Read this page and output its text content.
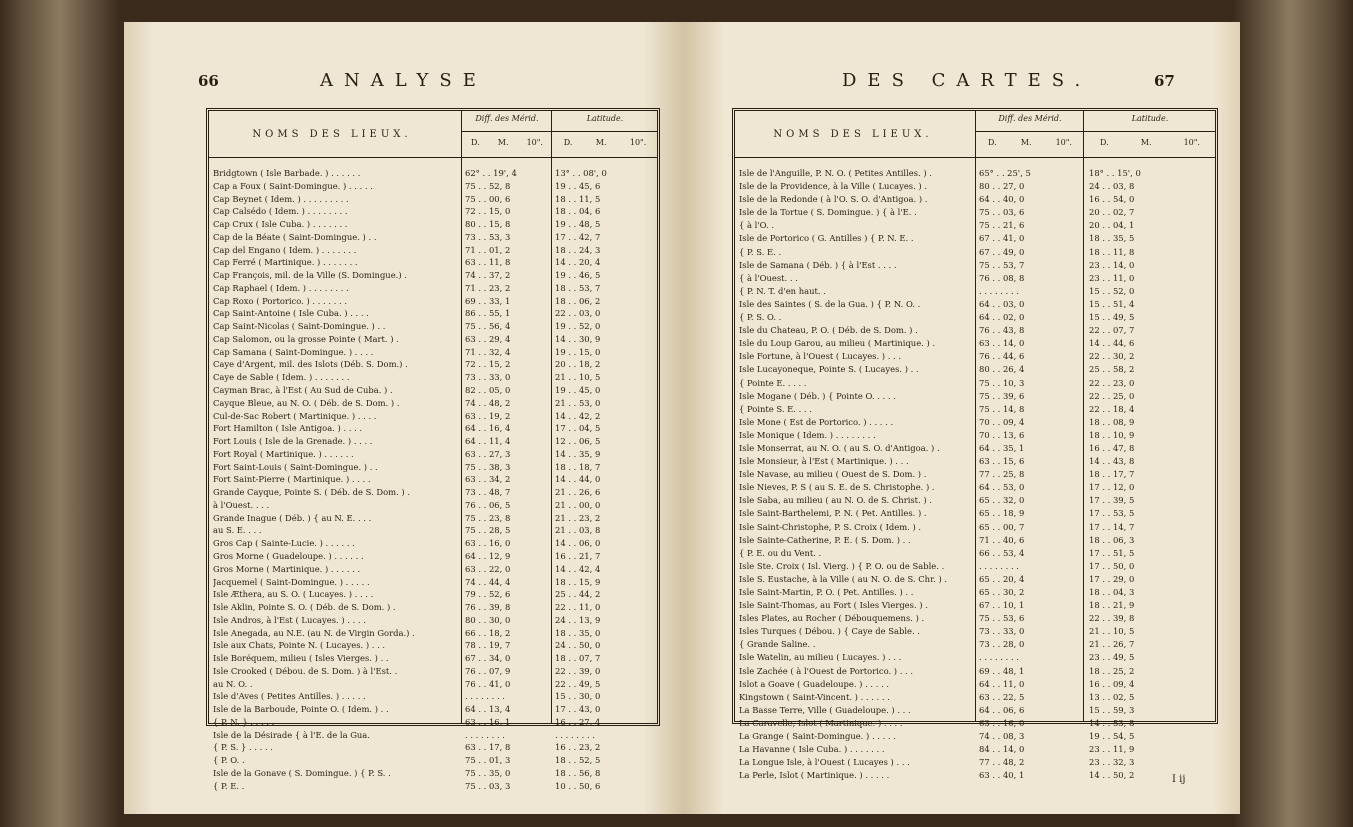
66	ANALYSE
NOMS DES LIEUX.
Diff. des Mérid.
D. M. 10".
Latitude.
D.	M.	10".
Bridgtown ( Isle Barbade. ) . . . . . .	62° . . 19', 4	13° . . 08', 0
Cap a Foux ( Saint-Domingue. ) . . . . .	75 . . 52, 8	19 . . 45, 6
Cap Beynet ( Idem. ) . . . . . . . . .	75 . . 00, 6	18 . . 11, 5
Cap Calsédo ( Idem. ) . . . . . . . .	72 . . 15, 0	18 . . 04, 6
Cap Crux ( Isle Cuba. ) . . . . . . .	80 . . 15, 8	19 . . 48, 5
Cap de la Béate ( Saint-Domingue. ) . .	73 . . 53, 3	17 . . 42, 7
Cap del Engano ( Idem. ) . . . . . . .	71 . . 01, 2	18 . . 24, 3
Cap Ferré ( Martinique. ) . . . . . . .	63 . . 11, 8	14 . . 20, 4
Cap François, mil. de la Ville (S. Domingue.) .	74 . . 37, 2	19 . . 46, 5
Cap Raphael ( Idem. ) . . . . . . . .	71 . . 23, 2	18 . . 53, 7
Cap Roxo ( Portorico. ) . . . . . . .	69 . . 33, 1	18 . . 06, 2
Cap Saint-Antoine ( Isle Cuba. ) . . . .	86 . . 55, 1	22 . . 03, 0
Cap Saint-Nicolas ( Saint-Domingue. ) . .	75 . . 56, 4	19 . . 52, 0
Cap Salomon, ou la grosse Pointe ( Mart. ) .	63 . . 29, 4	14 . . 30, 9
Cap Samana ( Saint-Domingue. ) . . . .	71 . . 32, 4	19 . . 15, 0
Caye d'Argent, mil. des Islots (Déb. S. Dom.) .	72 . . 15, 2	20 . . 18, 2
Caye de Sable ( Idem. ) . . . . . . .	73 . . 33, 0	21 . . 10, 5
Cayman Brac, à l'Est ( Au Sud de Cuba. ) .	82 . . 05, 0	19 . . 45, 0
Cayque Bleue, au N. O. ( Déb. de S. Dom. ) .	74 . . 48, 2	21 . . 53, 0
Cul-de-Sac Robert ( Martinique. ) . . . .	63 . . 19, 2	14 . . 42, 2
Fort Hamilton ( Isle Antigoa. ) . . . .	64 . . 16, 4	17 . . 04, 5
Fort Louis ( Isle de la Grenade. ) . . . .	64 . . 11, 4	12 . . 06, 5
Fort Royal ( Martinique. ) . . . . . .	63 . . 27, 3	14 . . 35, 9
Fort Saint-Louis ( Saint-Domingue. ) . .	75 . . 38, 3	18 . . 18, 7
Fort Saint-Pierre ( Martinique. ) . . . .	63 . . 34, 2	14 . . 44, 0
Grande Cayque, Pointe S. ( Déb. de S. Dom. ) .	73 . . 48, 7	21 . . 26, 6
à l'Ouest. . . .	76 . . 06, 5	21 . . 00, 0
Grande Inague ( Déb. ) { au N. E. . . .	75 . . 23, 8	21 . . 23, 2
au S. E. . . .	75 . . 28, 5	21 . . 03, 8
Gros Cap ( Sainte-Lucie. ) . . . . . .	63 . . 16, 0	14 . . 06, 0
Gros Morne ( Guadeloupe. ) . . . . . .	64 . . 12, 9	16 . . 21, 7
Gros Morne ( Martinique. ) . . . . . .	63 . . 22, 0	14 . . 42, 4
Jacquemel ( Saint-Domingue. ) . . . . .	74 . . 44, 4	18 . . 15, 9
Isle Æthera, au S. O. ( Lucayes. ) . . . .	79 . . 52, 6	25 . . 44, 2
Isle Aklin, Pointe S. O. ( Déb. de S. Dom. ) .	76 . . 39, 8	22 . . 11, 0
Isle Andros, à l'Est ( Lucayes. ) . . . .	80 . . 30, 0	24 . . 13, 9
Isle Anegada, au N.E. (au N. de Virgin Gorda.) .	66 . . 18, 2	18 . . 35, 0
Isle aux Chats, Pointe N. ( Lucayes. ) . . .	78 . . 19, 7	24 . . 50, 0
Isle Boréquem, milieu ( Isles Vierges. ) . .	67 . . 34, 0	18 . . 07, 7
Isle Crooked ( Débou. de S. Dom. ) à l'Est. .	76 . . 07, 9	22 . . 39, 0
au N. O. .	76 . . 41, 0	22 . . 49, 5
Isle d'Aves ( Petites Antilles. ) . . . . .	. . . . . . . .	15 . . 30, 0
Isle de la Barboude, Pointe O. ( Idem. ) . .	64 . . 13, 4	17 . . 43, 0
{ P. N. } . . . . .	63 . . 16, 1	16 . . 27, 4
Isle de la Désirade { à l'E. de la Gua.	. . . . . . . .	. . . . . . . .
{ P. S. } . . . . .	63 . . 17, 8	16 . . 23, 2
{ P. O. .	75 . . 01, 3	18 . . 52, 5
Isle de la Gonave ( S. Domingue. ) { P. S. .	75 . . 35, 0	18 . . 56, 8
{ P. E. .	75 . . 03, 3	10 . . 50, 6
DES CARTES.	67
NOMS DES LIEUX.
Diff. des Mérid.
D.	M.	10".
Latitude.
D.	M.	10".
Isle de l'Anguille, P. N. O. ( Petites Antilles. ) .	65° . . 25', 5	18° . . 15', 0
Isle de la Providence, à la Ville ( Lucayes. ) .	80 . . 27, 0	24 . . 03, 8
Isle de la Redonde ( à l'O. S. O. d'Antigoa. ) .	64 . . 40, 0	16 . . 54, 0
Isle de la Tortue ( S. Domingue. ) { à l'E. .	75 . . 03, 6	20 . . 02, 7
{ à l'O. .	75 . . 21, 6	20 . . 04, 1
Isle de Portorico ( G. Antilles ) { P. N. E. .	67 . . 41, 0	18 . . 35, 5
{ P. S. E. .	67 . . 49, 0	18 . . 11, 8
Isle de Samana ( Déb. ) { à l'Est . . . .	75 . . 53, 7	23 . . 14, 0
{ à l'Ouest. . .	76 . . 08, 8	23 . . 11, 0
{ P. N. T. d'en haut. .	. . . . . . . .	15 . . 52, 0
Isle des Saintes ( S. de la Gua. ) { P. N. O. .	64 . . 03, 0	15 . . 51, 4
{ P. S. O. .	64 . . 02, 0	15 . . 49, 5
Isle du Chateau, P. O. ( Déb. de S. Dom. ) .	76 . . 43, 8	22 . . 07, 7
Isle du Loup Garou, au milieu ( Martinique. ) .	63 . . 14, 0	14 . . 44, 6
Isle Fortune, à l'Ouest ( Lucayes. ) . . .	76 . . 44, 6	22 . . 30, 2
Isle Lucayoneque, Pointe S. ( Lucayes. ) . .	80 . . 26, 4	25 . . 58, 2
{ Pointe E. . . . .	75 . . 10, 3	22 . . 23, 0
Isle Mogane ( Déb. ) { Pointe O. . . . .	75 . . 39, 6	22 . . 25, 0
{ Pointe S. E. . . .	75 . . 14, 8	22 . . 18, 4
Isle Mone ( Est de Portorico. ) . . . . .	70 . . 09, 4	18 . . 08, 9
Isle Monique ( Idem. ) . . . . . . . .	70 . . 13, 6	18 . . 10, 9
Isle Monserrat, au N. O. ( au S. O. d'Antigoa. ) .	64 . . 35, 1	16 . . 47, 8
Isle Monsieur, à l'Est ( Martinique. ) . . .	63 . . 15, 6	14 . . 43, 8
Isle Navase, au milieu ( Ouest de S. Dom. ) .	77 . . 25, 8	18 . . 17, 7
Isle Nieves, P. S ( au S. E. de S. Christophe. ) .	64 . . 53, 0	17 . . 12, 0
Isle Saba, au milieu ( au N. O. de S. Christ. ) .	65 . . 32, 0	17 . . 39, 5
Isle Saint-Barthelemi, P. N. ( Pet. Antilles. ) .	65 . . 18, 9	17 . . 53, 5
Isle Saint-Christophe, P. S. Croix ( Idem. ) .	65 . . 00, 7	17 . . 14, 7
Isle Sainte-Catherine, P. E. ( S. Dom. ) . .	71 . . 40, 6	18 . . 06, 3
{ P. E. ou du Vent. .	66 . . 53, 4	17 . . 51, 5
Isle Ste. Croix ( Isl. Vierg. ) { P. O. ou de Sable. .	. . . . . . . .	17 . . 50, 0
Isle S. Eustache, à la Ville ( au N. O. de S. Chr. ) .	65 . . 20, 4	17 . . 29, 0
Isle Saint-Martin, P. O. ( Pet. Antilles. ) . .	65 . . 30, 2	18 . . 04, 3
Isle Saint-Thomas, au Fort ( Isles Vierges. ) .	67 . . 10, 1	18 . . 21, 9
Isles Plates, au Rocher ( Débouquemens. ) .	75 . . 53, 6	22 . . 39, 8
Isles Turques ( Débou. ) { Caye de Sable. .	73 . . 33, 0	21 . . 10, 5
{ Grande Saline. .	73 . . 28, 0	21 . . 26, 7
Isle Watelin, au milieu ( Lucayes. ) . . .	. . . . . . . .	23 . . 49, 5
Isle Zachée ( à l'Ouest de Portorico. ) . . .	69 . . 48, 1	18 . . 25, 2
Islot a Goave ( Guadeloupe. ) . . . . .	64 . . 11, 0	16 . . 09, 4
Kingstown ( Saint-Vincent. ) . . . . . .	63 . . 22, 5	13 . . 02, 5
La Basse Terre, Ville ( Guadeloupe. ) . . .	64 . . 06, 6	15 . . 59, 3
La Caravelle, Islot ( Martinique. ) . . . .	63 . . 16, 0	14 . . 53, 8
La Grange ( Saint-Domingue. ) . . . . .	74 . . 08, 3	19 . . 54, 5
La Havanne ( Isle Cuba. ) . . . . . . .	84 . . 14, 0	23 . . 11, 9
La Longue Isle, à l'Ouest ( Lucayes ) . . .	77 . . 48, 2	23 . . 32, 3
La Perle, Islot ( Martinique. ) . . . . .	63 . . 40, 1	14 . . 50, 2	I ij
